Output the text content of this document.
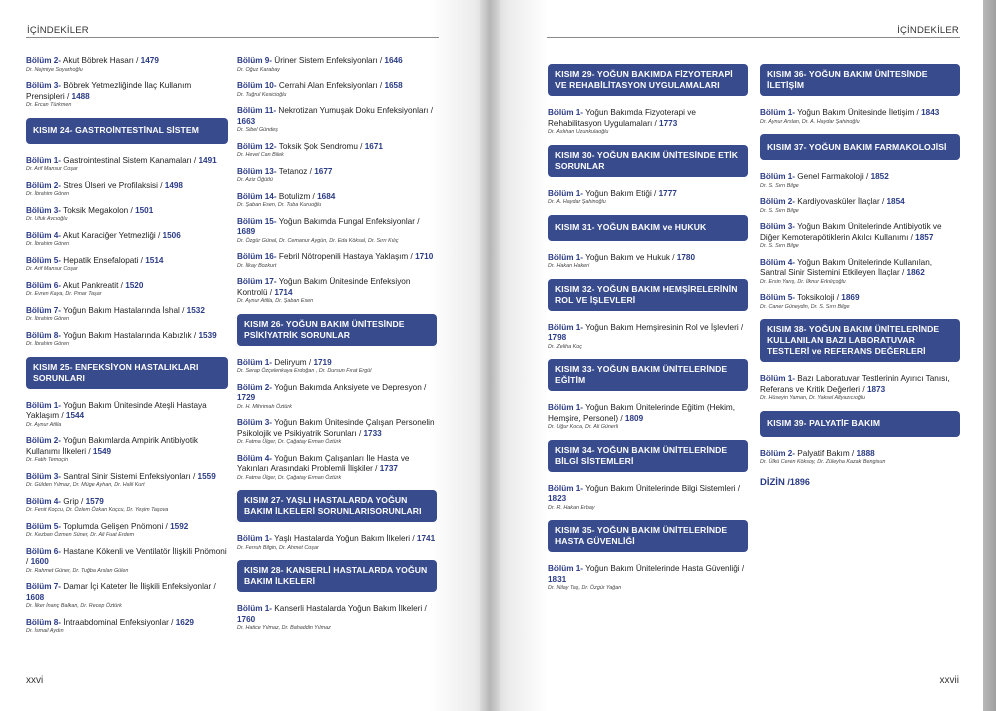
İÇİNDEKİLER
Bölüm 2- Akut Böbrek Hasarı / 1479
Dr. Nejmiye Soyarhoğlu
Bölüm 3- Böbrek Yetmezliğinde İlaç Kullanım Prensipleri / 1488
Dr. Ercan Türkmen
KISIM 24- GASTROİNTESTİNAL SİSTEM
Bölüm 1- Gastrointestinal Sistem Kanamaları / 1491
Dr. Arif Mansur Coşar
Bölüm 2- Stres Ülseri ve Profilaksisi / 1498
Dr. İbrahim Gören
Bölüm 3- Toksik Megakolon / 1501
Dr. Ufuk Avcıoğlu
Bölüm 4- Akut Karaciğer Yetmezliği / 1506
Dr. İbrahim Gören
Bölüm 5- Hepatik Ensefalopati / 1514
Dr. Arif Mansur Coşar
Bölüm 6- Akut Pankreatit / 1520
Dr. Evren Kaya, Dr. Pınar Taşar
Bölüm 7- Yoğun Bakım Hastalarında İshal / 1532
Dr. İbrahim Gören
Bölüm 8- Yoğun Bakım Hastalarında Kabızlık / 1539
Dr. İbrahim Gören
KISIM 25- ENFEKSİYON HASTALIKLARI SORUNLARI
Bölüm 1- Yoğun Bakım Ünitesinde Ateşli Hastaya Yaklaşım / 1544
Dr. Aynur Atilla
Bölüm 2- Yoğun Bakımlarda Ampirik Antibiyotik Kullanımı İlkeleri / 1549
Dr. Fatih Temoçin
Bölüm 3- Santral Sinir Sistemi Enfeksiyonları / 1559
Dr. Gülden Yılmaz, Dr. Müge Ayhan, Dr. Halil Kurt
Bölüm 4- Grip / 1579
Dr. Fenit Koçcu, Dr. Özlem Özkan Koçcu, Dr. Yeşim Taşova
Bölüm 5- Toplumda Gelişen Pnömoni / 1592
Dr. Kezban Özmen Süner, Dr. Ali Fuat Erdem
Bölüm 6- Hastane Kökenli ve Ventilatör İlişkili Pnömoni / 1600
Dr. Rahmet Güner, Dr. Tuğba Arslan Gülen
Bölüm 7- Damar İçi Kateter İle İlişkili Enfeksiyonlar / 1608
Dr. İlker İnanç Balkan, Dr. Recep Öztürk
Bölüm 8- İntraabdominal Enfeksiyonlar / 1629
Dr. İsmail Aydın
Bölüm 9- Üriner Sistem Enfeksiyonları / 1646
Dr. Oğuz Karabay
Bölüm 10- Cerrahi Alan Enfeksiyonları / 1658
Dr. Tuğrul Kesicioğlu
Bölüm 11- Nekrotizan Yumuşak Doku Enfeksiyonları / 1663
Dr. Sibel Gündeş
Bölüm 12- Toksik Şok Sendromu / 1671
Dr. Hevel Can Bilek
Bölüm 13- Tetanoz / 1677
Dr. Aziz Öğütlü
Bölüm 14- Botulizm / 1684
Dr. Şaban Esen, Dr. Tuba Kuruoğlu
Bölüm 15- Yoğun Bakımda Fungal Enfeksiyonlar / 1689
Dr. Özgür Günal, Dr. Cemanur Aygün, Dr. Eda Köksal, Dr. Sırrı Kılıç
Bölüm 16- Febril Nötropenili Hastaya Yaklaşım / 1710
Dr. İlkay Bozkurt
Bölüm 17- Yoğun Bakım Ünitesinde Enfeksiyon Kontrolü / 1714
Dr. Aynur Atilla, Dr. Şaban Esen
KISIM 26- YOĞUN BAKIM ÜNİTESİNDE PSİKİYATRİK SORUNLAR
Bölüm 1- Deliryum / 1719
Dr. Serap Özçelenkaya Erdoğan , Dr. Dursun Fırat Ergül
Bölüm 2- Yoğun Bakımda Anksiyete ve Depresyon / 1729
Dr. H. Mihrimah Öztürk
Bölüm 3- Yoğun Bakım Ünitesinde Çalışan Personelin Psikolojik ve Psikiyatrik Sorunları / 1733
Dr. Fatma Ülger, Dr. Çağatay Erman Öztürk
Bölüm 4- Yoğun Bakım Çalışanları İle Hasta ve Yakınları Arasındaki Problemli İlişkiler / 1737
Dr. Fatma Ülger, Dr. Çağatay Erman Öztürk
KISIM 27- YAŞLI HASTALARDA YOĞUN BAKIM İLKELERİ SORUNLARISORUNLARI
Bölüm 1- Yaşlı Hastalarda Yoğun Bakım İlkeleri / 1741
Dr. Ferruh Bilgin, Dr. Ahmet Coşar
KISIM 28- KANSERLİ HASTALARDA YOĞUN BAKIM İLKELERİ
Bölüm 1- Kanserli Hastalarda Yoğun Bakım İlkeleri / 1760
Dr. Hatice Yılmaz, Dr. Bahaddin Yılmaz
xxvi
İÇİNDEKİLER
KISIM 29- YOĞUN BAKIMDA FİZYOTERAPİ VE REHABİLİTASYON UYGULAMALARI
Bölüm 1- Yoğun Bakımda Fizyoterapi ve Rehabilitasyon Uygulamaları / 1773
Dr. Aslıhan Uzunkulaoğlu
KISIM 30- YOĞUN BAKIM ÜNİTESİNDE ETİK SORUNLAR
Bölüm 1- Yoğun Bakım Etiği / 1777
Dr. A. Haydar Şahinoğlu
KISIM 31- YOĞUN BAKIM ve HUKUK
Bölüm 1- Yoğun Bakım ve Hukuk / 1780
Dr. Hakan Hakeri
KISIM 32- YOĞUN BAKIM HEMŞİRELERİNİN ROL VE İŞLEVLERİ
Bölüm 1- Yoğun Bakım Hemşiresinin Rol ve İşlevleri / 1798
Dr. Zeliha Koç
KISIM 33- YOĞUN BAKIM ÜNİTELERİNDE EĞİTİM
Bölüm 1- Yoğun Bakım Ünitelerinde Eğitim (Hekim, Hemşire, Personel) / 1809
Dr. Uğur Koca, Dr. Ali Günerli
KISIM 34- YOĞUN BAKIM ÜNİTELERİNDE BİLGİ SİSTEMLERİ
Bölüm 1- Yoğun Bakım Ünitelerinde Bilgi Sistemleri / 1823
Dr. R. Hakan Erbay
KISIM 35- YOĞUN BAKIM ÜNİTELERİNDE HASTA GÜVENLİĞİ
Bölüm 1- Yoğun Bakım Ünitelerinde Hasta Güvenliği / 1831
Dr. Nilay Taş, Dr. Özgür Yağan
KISIM 36- YOĞUN BAKIM ÜNİTESİNDE İLETİŞİM
Bölüm 1- Yoğun Bakım Ünitesinde İletişim / 1843
Dr. Aynur Arslan, Dr. A. Haydar Şahinoğlu
KISIM 37- YOĞUN BAKIM FARMAKOLOJİSİ
Bölüm 1- Genel Farmakoloji / 1852
Dr. S. Sırrı Bilge
Bölüm 2- Kardiyovasküler İlaçlar / 1854
Dr. S. Sırrı Bilge
Bölüm 3- Yoğun Bakım Ünitelerinde Antibiyotik ve Diğer Kemoterapötiklerin Akılcı Kullanımı / 1857
Dr. S. Sırrı Bilge
Bölüm 4- Yoğun Bakım Ünitelerinde Kullanılan, Santral Sinir Sistemini Etkileyen İlaçlar / 1862
Dr. Ersin Yarış, Dr. İlknur Erkılıçoğlu
Bölüm 5- Toksikoloji / 1869
Dr. Caner Güneydin, Dr. S. Sırrı Bilge
KISIM 38- YOĞUN BAKIM ÜNİTELERİNDE KULLANILAN BAZI LABORATUVAR TESTLERİ ve REFERANS DEĞERLERİ
Bölüm 1- Bazı Laboratuvar Testlerinin Ayırıcı Tanısı, Referans ve Kritik Değerleri / 1873
Dr. Hüseyin Yaman, Dr. Yaksel Altyazıcıoğlu
KISIM 39- PALYATİF BAKIM
Bölüm 2- Palyatif Bakım / 1888
Dr. Ülkü Ceren Köksoy, Dr. Züleyha Kazak Bengisun
DİZİN /1896
xxvii
